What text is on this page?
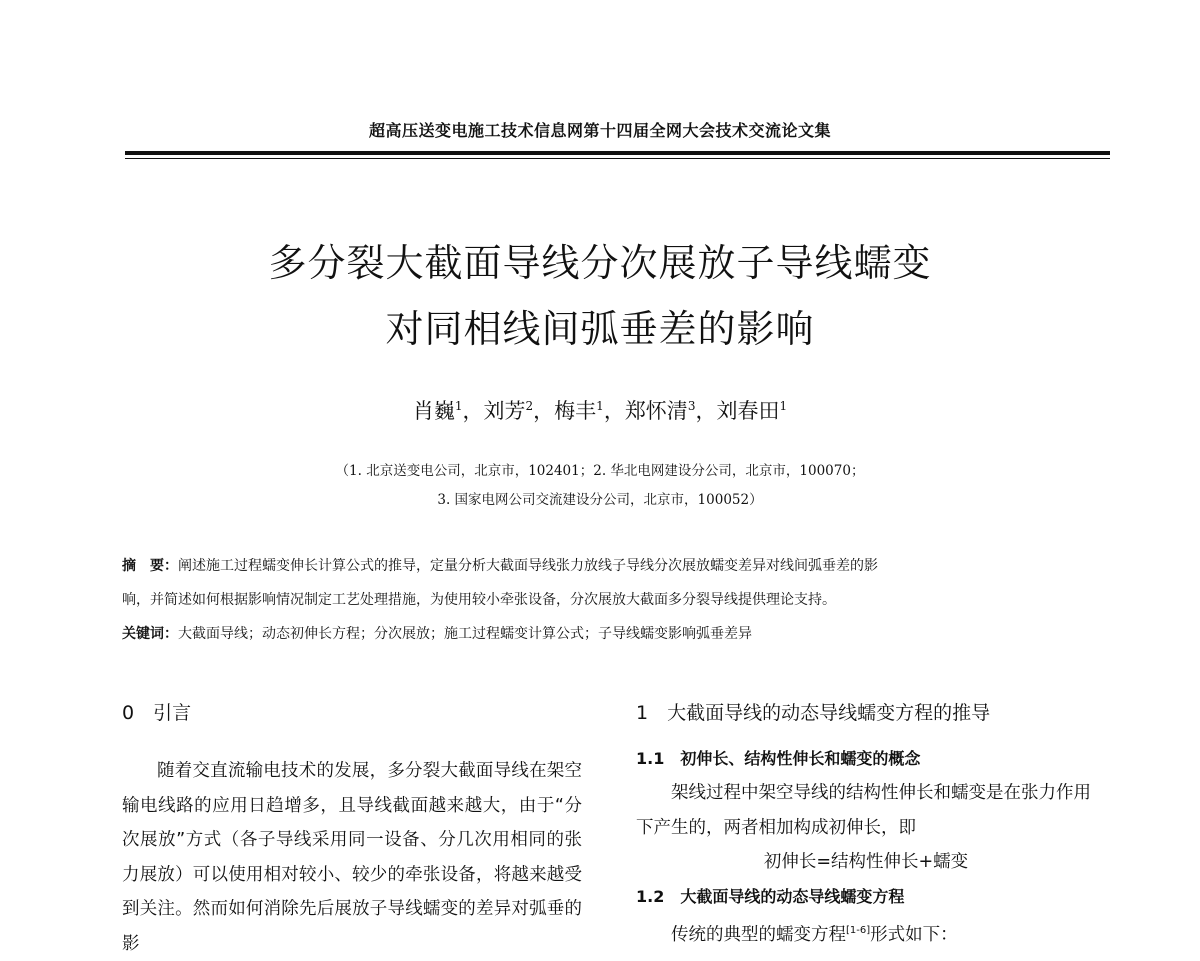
超高压送变电施工技术信息网第十四届全网大会技术交流论文集
多分裂大截面导线分次展放子导线蠕变
对同相线间弧垂差的影响
肖巍$^1$，刘芳$^2$，梅丰$^1$，郑怀清$^3$，刘春田$^1$
（1. 北京送变电公司，北京市，102401；2. 华北电网建设分公司，北京市，100070；
3. 国家电网公司交流建设分公司，北京市，100052）
摘　要：阐述施工过程蠕变伸长计算公式的推导，定量分析大截面导线张力放线子导线分次展放蠕变差异对线间弧垂差的影
响，并简述如何根据影响情况制定工艺处理措施，为使用较小牵张设备，分次展放大截面多分裂导线提供理论支持。
关键词：大截面导线；动态初伸长方程；分次展放；施工过程蠕变计算公式；子导线蠕变影响弧垂差异
0　引言
随着交直流输电技术的发展，多分裂大截面导线在架空输电线路的应用日趋增多，且导线截面越来越大，由于“分次展放”方式（各子导线采用同一设备、分几次用相同的张力展放）可以使用相对较小、较少的牵张设备，将越来越受到关注。然而如何消除先后展放子导线蠕变的差异对弧垂的影
1　大截面导线的动态导线蠕变方程的推导
1.1　初伸长、结构性伸长和蠕变的概念
架线过程中架空导线的结构性伸长和蠕变是在张力作用下产生的，两者相加构成初伸长，即
初伸长=结构性伸长+蠕变
1.2　大截面导线的动态导线蠕变方程
传统的典型的蠕变方程[1-6]形式如下：
